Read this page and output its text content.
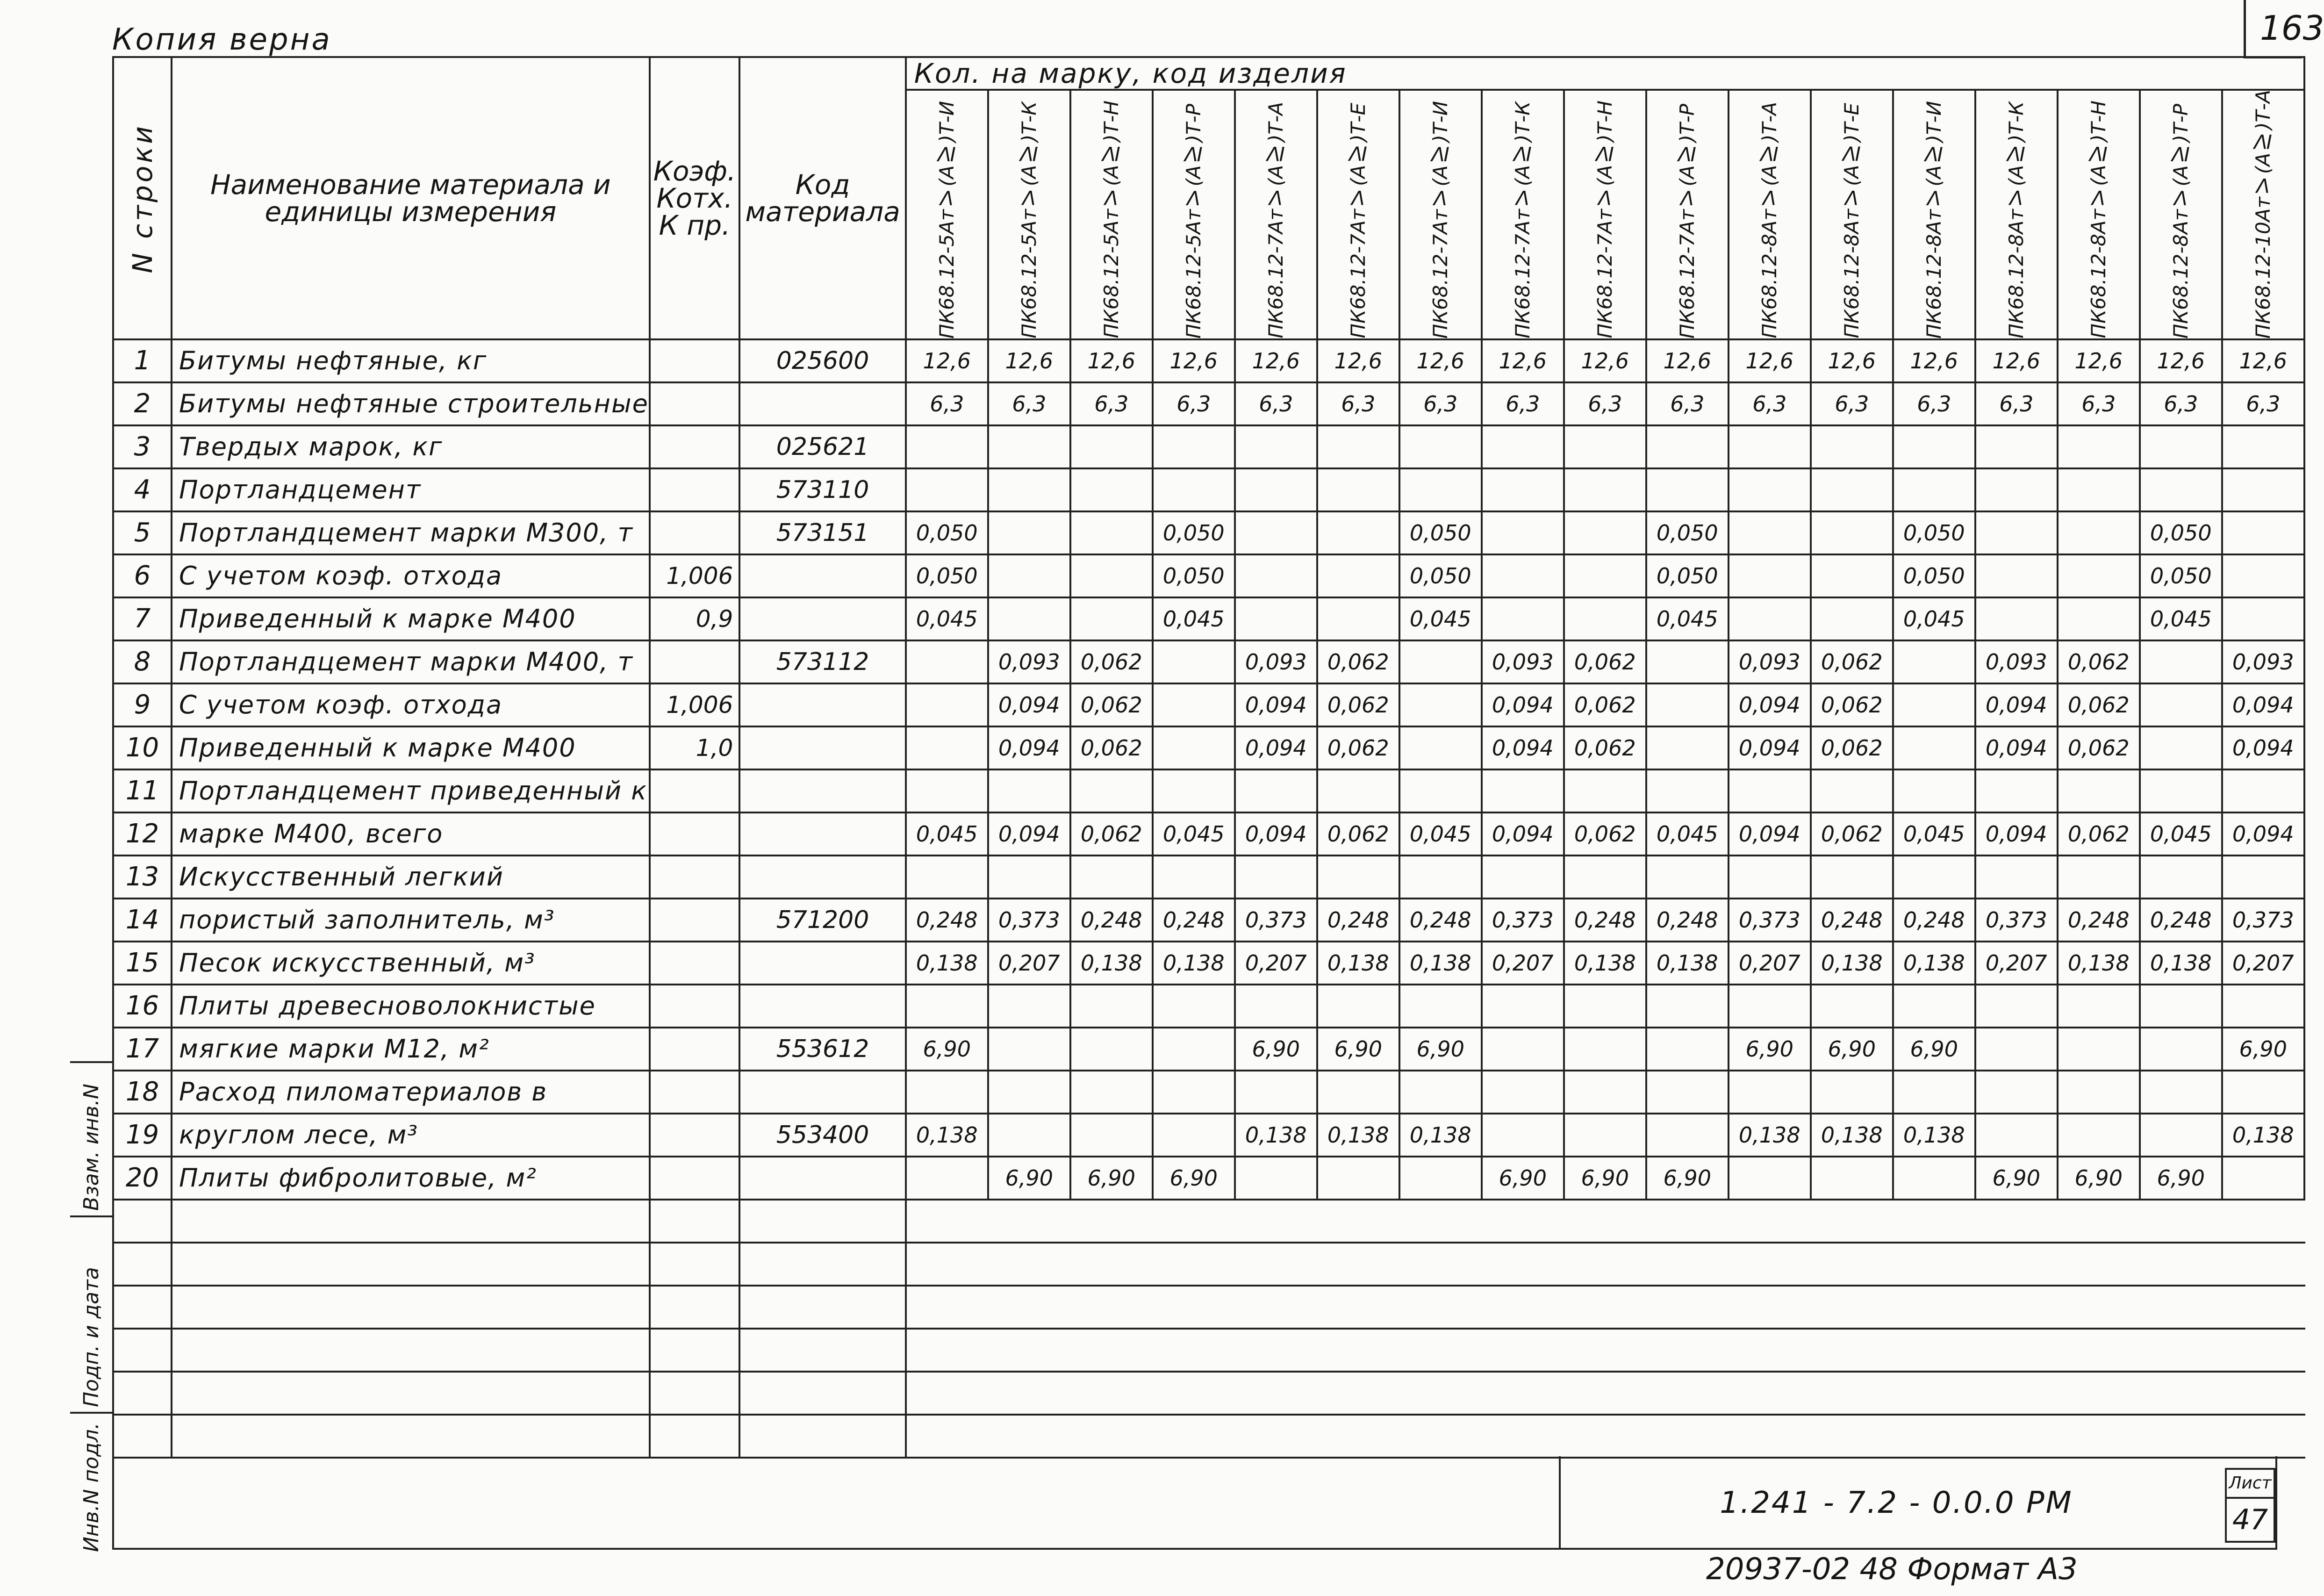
Копия верна	163
N строки	Наименование материала и единицы измерения	Коэф. Котх. К пр.	Код материала	Кол. на марку, код изделия																

				ПК68.12-5АтⅤ(АⅣ)Т-И	ПК68.12-5АтⅤ(АⅣ)Т-К	ПК68.12-5АтⅤ(АⅣ)Т-Н	ПК68.12-5АтⅤ(АⅣ)Т-Р	ПК68.12-7АтⅤ(АⅣ)Т-А	ПК68.12-7АтⅤ(АⅣ)Т-Е	ПК68.12-7АтⅤ(АⅣ)Т-И	ПК68.12-7АтⅤ(АⅣ)Т-К	ПК68.12-7АтⅤ(АⅣ)Т-Н	ПК68.12-7АтⅤ(АⅣ)Т-Р	ПК68.12-8АтⅤ(АⅣ)Т-А	ПК68.12-8АтⅤ(АⅣ)Т-Е	ПК68.12-8АтⅤ(АⅣ)Т-И	ПК68.12-8АтⅤ(АⅣ)Т-К	ПК68.12-8АтⅤ(АⅣ)Т-Н	ПК68.12-8АтⅤ(АⅣ)Т-Р	ПК68.12-10АтⅤ(АⅣ)Т-А

1	Битумы нефтяные, кг		025600	12,6	12,6	12,6	12,6	12,6	12,6	12,6	12,6	12,6	12,6	12,6	12,6	12,6	12,6	12,6	12,6	12,6
2	Битумы нефтяные строительные			6,3	6,3	6,3	6,3	6,3	6,3	6,3	6,3	6,3	6,3	6,3	6,3	6,3	6,3	6,3	6,3	6,3
3	Твердых марок, кг		025621																	
4	Портландцемент		573110																	
5	Портландцемент марки М300, т		573151	0,050			0,050			0,050			0,050			0,050			0,050	
6	С учетом коэф. отхода	1,006		0,050			0,050			0,050			0,050			0,050			0,050	
7	Приведенный к марке М400	0,9		0,045			0,045			0,045			0,045			0,045			0,045	
8	Портландцемент марки М400, т		573112		0,093	0,062		0,093	0,062		0,093	0,062		0,093	0,062		0,093	0,062		0,093
9	С учетом коэф. отхода	1,006			0,094	0,062		0,094	0,062		0,094	0,062		0,094	0,062		0,094	0,062		0,094
10	Приведенный к марке М400	1,0			0,094	0,062		0,094	0,062		0,094	0,062		0,094	0,062		0,094	0,062		0,094
11	Портландцемент приведенный к																			
12	марке М400, всего			0,045	0,094	0,062	0,045	0,094	0,062	0,045	0,094	0,062	0,045	0,094	0,062	0,045	0,094	0,062	0,045	0,094
13	Искусственный легкий																			
14	пористый заполнитель, м³		571200	0,248	0,373	0,248	0,248	0,373	0,248	0,248	0,373	0,248	0,248	0,373	0,248	0,248	0,373	0,248	0,248	0,373
15	Песок искусственный, м³			0,138	0,207	0,138	0,138	0,207	0,138	0,138	0,207	0,138	0,138	0,207	0,138	0,138	0,207	0,138	0,138	0,207
16	Плиты древесноволокнистые																			
17	мягкие марки М12, м²		553612	6,90				6,90	6,90	6,90				6,90	6,90	6,90				6,90
18	Расход пиломатериалов в																			
19	круглом лесе, м³		553400	0,138				0,138	0,138	0,138				0,138	0,138	0,138				0,138
20	Плиты фибролитовые, м²				6,90	6,90	6,90				6,90	6,90	6,90				6,90	6,90	6,90	

Инв.N подл.
Подп. и дата
Взам. инв.N
1.241 - 7.2 - 0.0.0 РМ
Лист
47
20937-02 48 Формат А3
